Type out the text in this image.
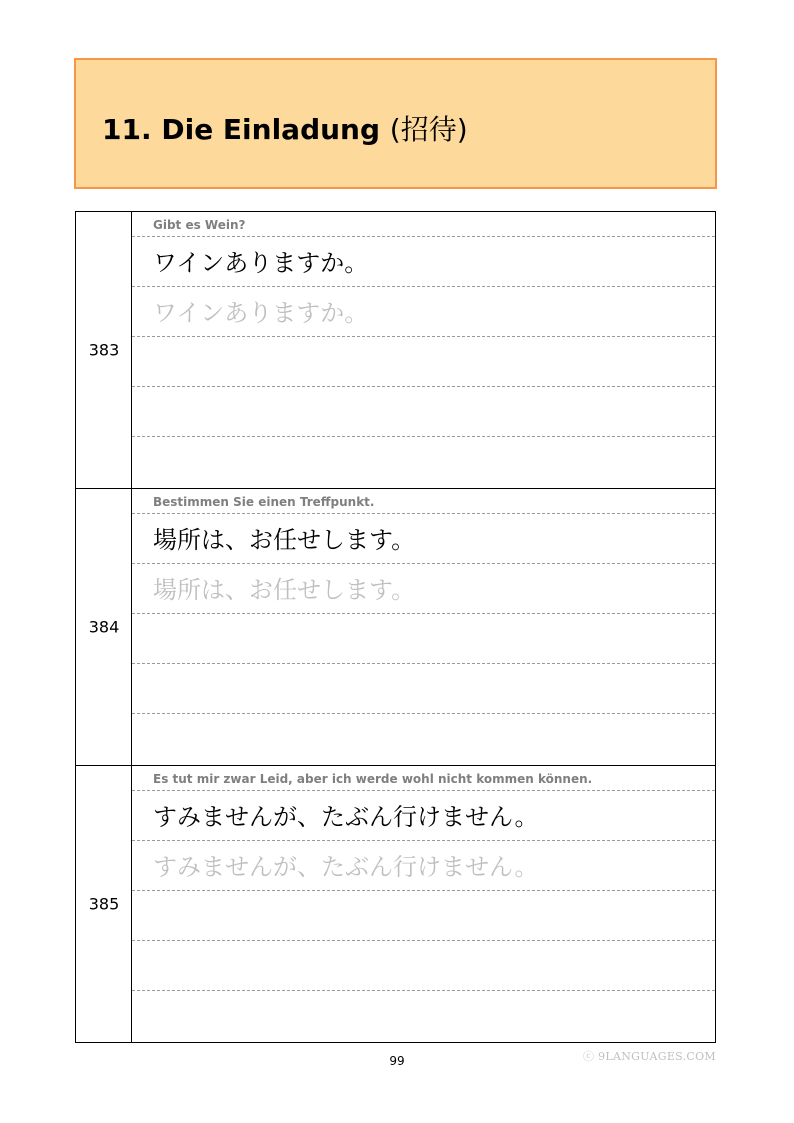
11. Die Einladung (招待)
383
Gibt es Wein?
ワインありますか。
ワインありますか。
384
Bestimmen Sie einen Treffpunkt.
場所は、お任せします。
場所は、お任せします。
385
Es tut mir zwar Leid, aber ich werde wohl nicht kommen können.
すみませんが、たぶん行けません。
すみませんが、たぶん行けません。
99	ⓒ 9LANGUAGES.COM
